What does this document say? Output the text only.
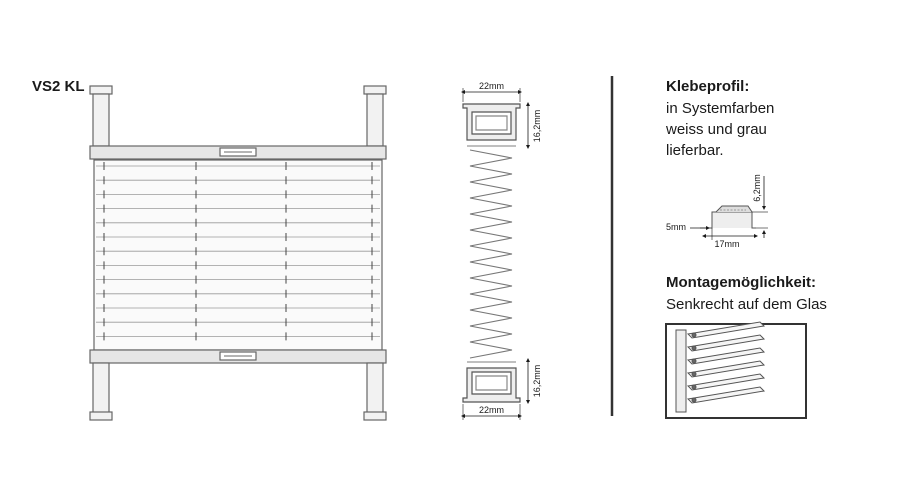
VS2 KL	22mm
16,2mm
16,2mm
22mm
6,2mm
5mm
17mm
Klebeprofil:
in Systemfarben
weiss und grau
lieferbar.
Montagemöglichkeit:
Senkrecht auf dem Glas
